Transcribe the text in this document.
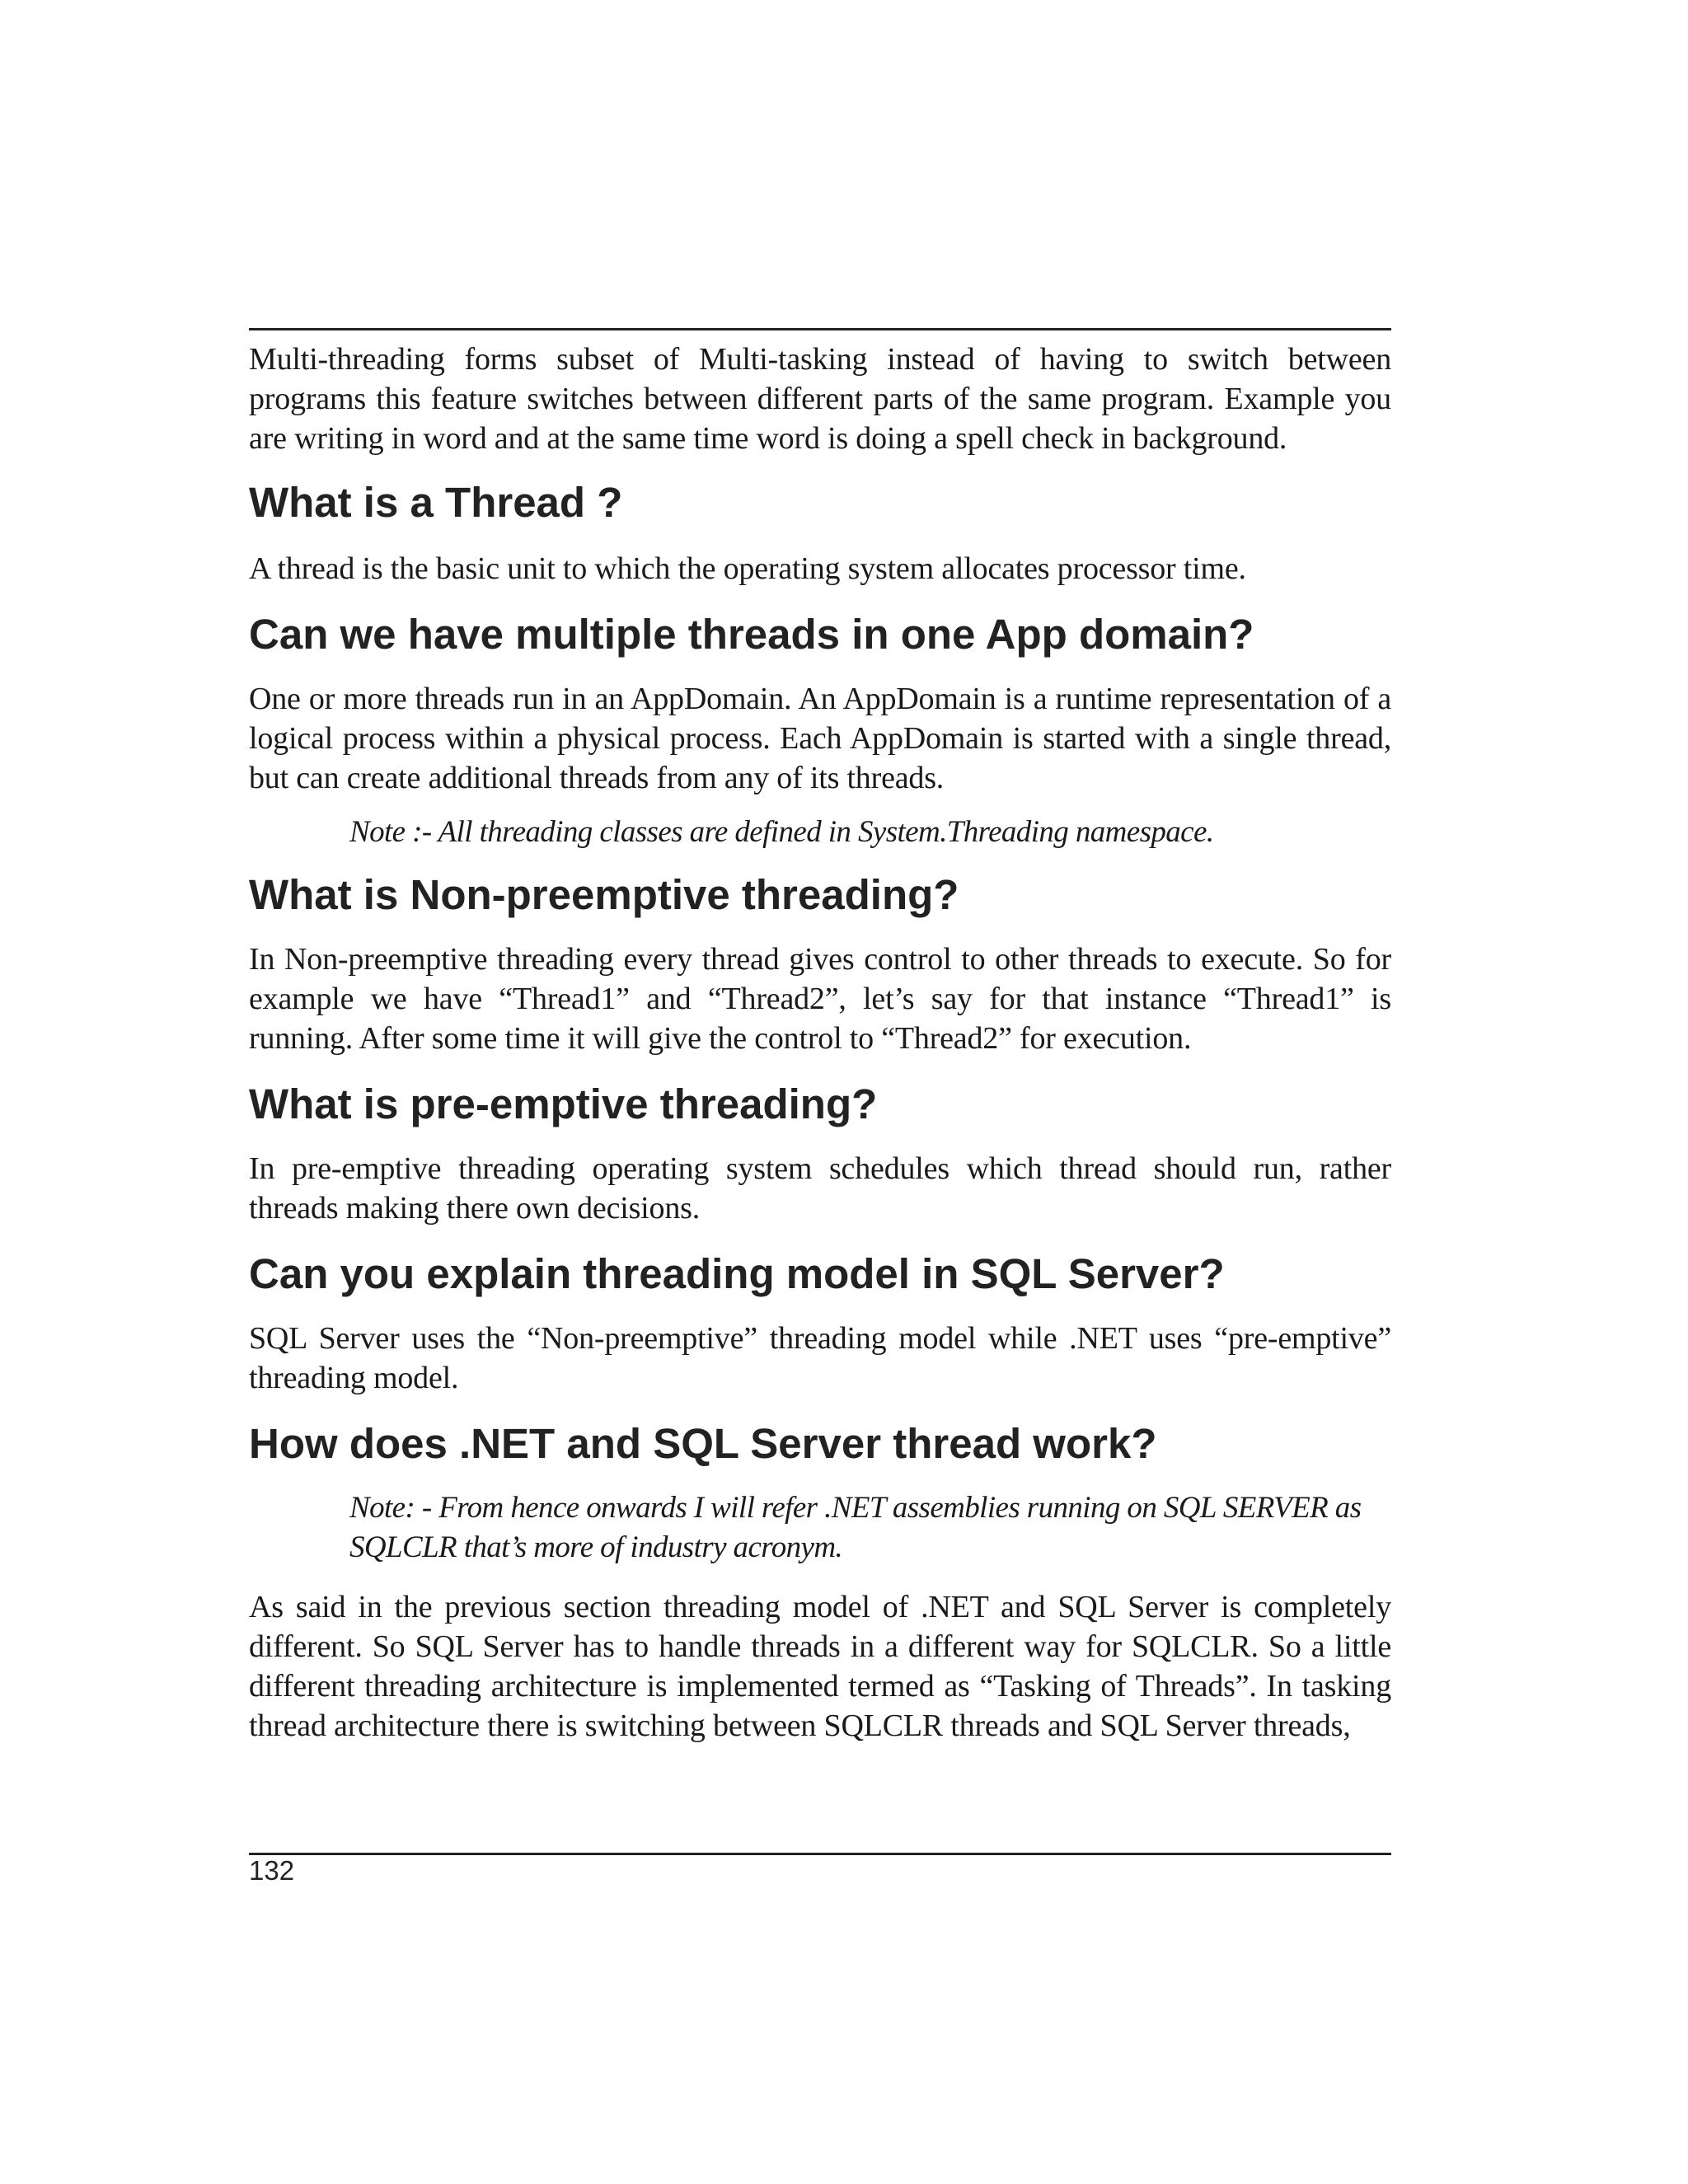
Multi-threading forms subset of Multi-tasking instead of having to switch between programs this feature switches between different parts of the same program. Example you are writing in word and at the same time word is doing a spell check in background.

What is a Thread ?

A thread is the basic unit to which the operating system allocates processor time.

Can we have multiple threads in one App domain?

One or more threads run in an AppDomain. An AppDomain is a runtime representation of a logical process within a physical process. Each AppDomain is started with a single thread, but can create additional threads from any of its threads.

Note :- All threading classes are defined in System.Threading namespace.

What is Non-preemptive threading?

In Non-preemptive threading every thread gives control to other threads to execute. So for example we have “Thread1” and “Thread2”, let’s say for that instance “Thread1” is running. After some time it will give the control to “Thread2” for execution.

What is pre-emptive threading?

In pre-emptive threading operating system schedules which thread should run, rather threads making there own decisions.

Can you explain threading model in SQL Server?

SQL Server uses the “Non-preemptive” threading model while .NET uses “pre-emptive” threading model.

How does .NET and SQL Server thread work?

Note: - From hence onwards I will refer .NET assemblies running on SQL SERVER as SQLCLR that’s more of industry acronym.

As said in the previous section threading model of .NET and SQL Server is completely different. So SQL Server has to handle threads in a different way for SQLCLR. So a little different threading architecture is implemented termed as “Tasking of Threads”. In tasking thread architecture there is switching between SQLCLR threads and SQL Server threads,

132
